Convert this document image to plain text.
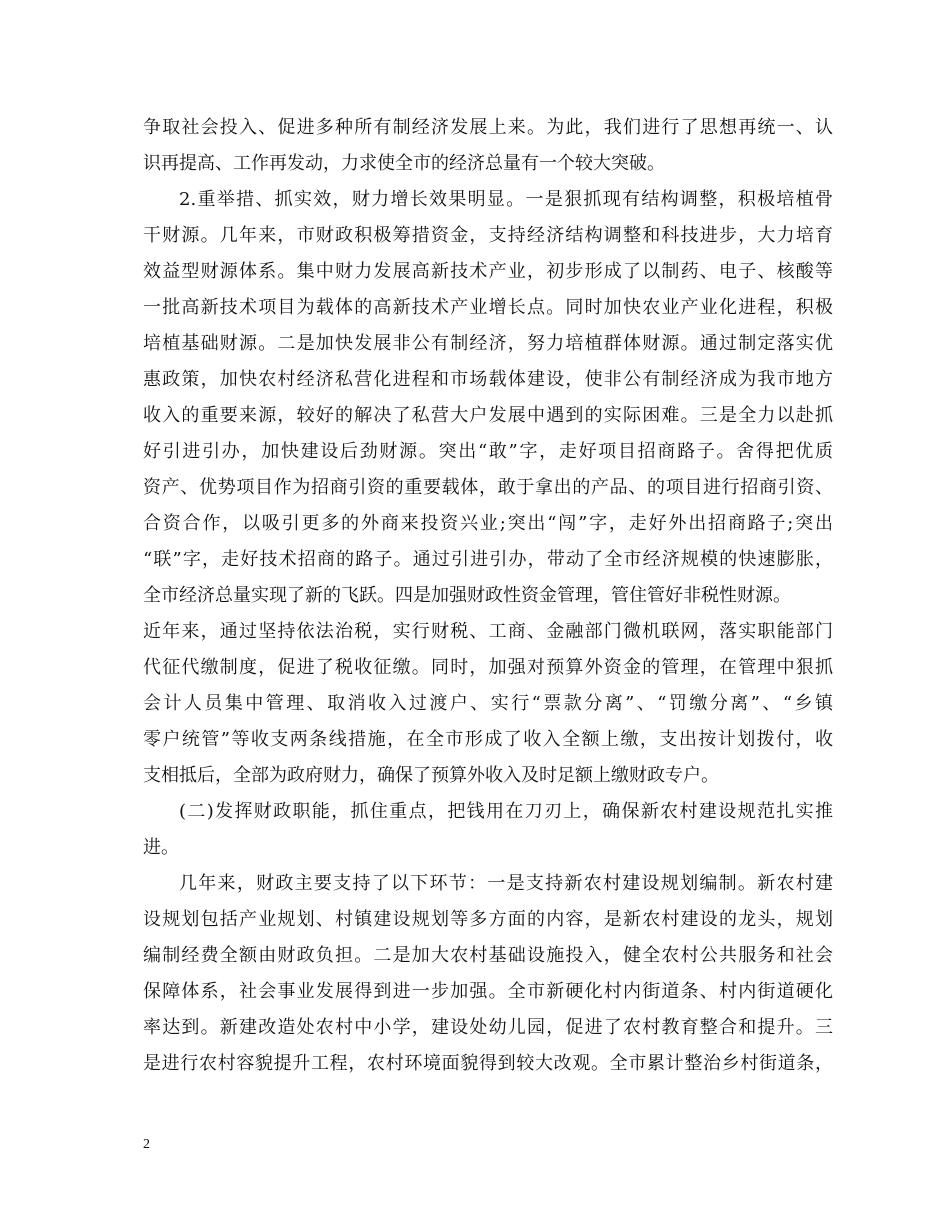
争取社会投入、促进多种所有制经济发展上来。为此，我们进行了思想再统一、认
识再提高、工作再发动，力求使全市的经济总量有一个较大突破。
2.重举措、抓实效，财力增长效果明显。一是狠抓现有结构调整，积极培植骨
干财源。几年来，市财政积极筹措资金，支持经济结构调整和科技进步，大力培育
效益型财源体系。集中财力发展高新技术产业，初步形成了以制药、电子、核酸等
一批高新技术项目为载体的高新技术产业增长点。同时加快农业产业化进程，积极
培植基础财源。二是加快发展非公有制经济，努力培植群体财源。通过制定落实优
惠政策，加快农村经济私营化进程和市场载体建设，使非公有制经济成为我市地方
收入的重要来源，较好的解决了私营大户发展中遇到的实际困难。三是全力以赴抓
好引进引办，加快建设后劲财源。突出“敢”字，走好项目招商路子。舍得把优质
资产、优势项目作为招商引资的重要载体，敢于拿出的产品、的项目进行招商引资、
合资合作，以吸引更多的外商来投资兴业;突出“闯”字，走好外出招商路子;突出
“联”字，走好技术招商的路子。通过引进引办，带动了全市经济规模的快速膨胀，
全市经济总量实现了新的飞跃。四是加强财政性资金管理，管住管好非税性财源。
近年来，通过坚持依法治税，实行财税、工商、金融部门微机联网，落实职能部门
代征代缴制度，促进了税收征缴。同时，加强对预算外资金的管理，在管理中狠抓
会计人员集中管理、取消收入过渡户、实行“票款分离”、“罚缴分离”、“乡镇
零户统管”等收支两条线措施，在全市形成了收入全额上缴，支出按计划拨付，收
支相抵后，全部为政府财力，确保了预算外收入及时足额上缴财政专户。
(二)发挥财政职能，抓住重点，把钱用在刀刃上，确保新农村建设规范扎实推
进。
几年来，财政主要支持了以下环节：一是支持新农村建设规划编制。新农村建
设规划包括产业规划、村镇建设规划等多方面的内容，是新农村建设的龙头，规划
编制经费全额由财政负担。二是加大农村基础设施投入，健全农村公共服务和社会
保障体系，社会事业发展得到进一步加强。全市新硬化村内街道条、村内街道硬化
率达到。新建改造处农村中小学，建设处幼儿园，促进了农村教育整合和提升。三
是进行农村容貌提升工程，农村环境面貌得到较大改观。全市累计整治乡村街道条，
2
